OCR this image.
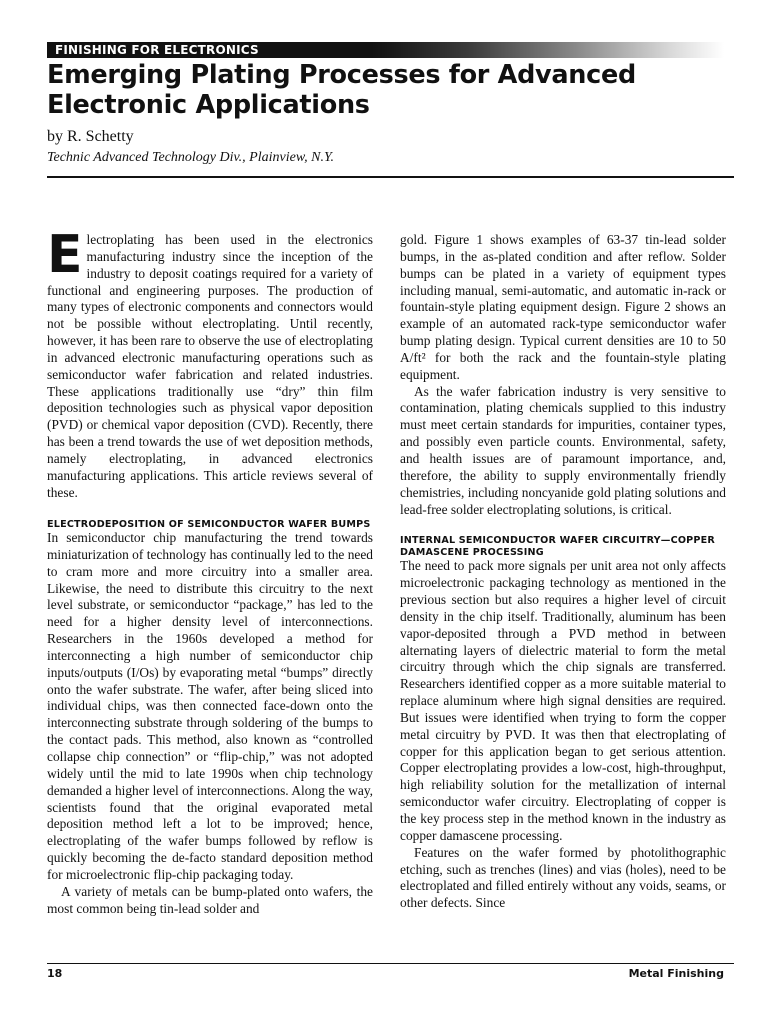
FINISHING FOR ELECTRONICS
Emerging Plating Processes for Advanced Electronic Applications
by R. Schetty
Technic Advanced Technology Div., Plainview, N.Y.

Electroplating has been used in the electronics manufacturing industry since the inception of the industry to deposit coatings required for a variety of functional and engineering purposes. The production of many types of electronic components and connectors would not be possible without electroplating. Until recently, however, it has been rare to observe the use of electroplating in advanced electronic manufacturing operations such as semiconductor wafer fabrication and related industries. These applications traditionally use “dry” thin film deposition technologies such as physical vapor deposition (PVD) or chemical vapor deposition (CVD). Recently, there has been a trend towards the use of wet deposition methods, namely electroplating, in advanced electronics manufacturing applications. This article reviews several of these.

ELECTRODEPOSITION OF SEMICONDUCTOR WAFER BUMPS

In semiconductor chip manufacturing the trend towards miniaturization of technology has continually led to the need to cram more and more circuitry into a smaller area. Likewise, the need to distribute this circuitry to the next level substrate, or semiconductor “package,” has led to the need for a higher density level of interconnections. Researchers in the 1960s developed a method for interconnecting a high number of semiconductor chip inputs/outputs (I/Os) by evaporating metal “bumps” directly onto the wafer substrate. The wafer, after being sliced into individual chips, was then connected face-down onto the interconnecting substrate through soldering of the bumps to the contact pads. This method, also known as “controlled collapse chip connection” or “flip-chip,” was not adopted widely until the mid to late 1990s when chip technology demanded a higher level of interconnections. Along the way, scientists found that the original evaporated metal deposition method left a lot to be improved; hence, electroplating of the wafer bumps followed by reflow is quickly becoming the de-facto standard deposition method for microelectronic flip-chip packaging today.

A variety of metals can be bump-plated onto wafers, the most common being tin-lead solder and

gold. Figure 1 shows examples of 63-37 tin-lead solder bumps, in the as-plated condition and after reflow. Solder bumps can be plated in a variety of equipment types including manual, semi-automatic, and automatic in-rack or fountain-style plating equipment design. Figure 2 shows an example of an automated rack-type semiconductor wafer bump plating design. Typical current densities are 10 to 50 A/ft² for both the rack and the fountain-style plating equipment.

As the wafer fabrication industry is very sensitive to contamination, plating chemicals supplied to this industry must meet certain standards for impurities, container types, and possibly even particle counts. Environmental, safety, and health issues are of paramount importance, and, therefore, the ability to supply environmentally friendly chemistries, including noncyanide gold plating solutions and lead-free solder electroplating solutions, is critical.

INTERNAL SEMICONDUCTOR WAFER CIRCUITRY—COPPER DAMASCENE PROCESSING

The need to pack more signals per unit area not only affects microelectronic packaging technology as mentioned in the previous section but also requires a higher level of circuit density in the chip itself. Traditionally, aluminum has been vapor-deposited through a PVD method in between alternating layers of dielectric material to form the metal circuitry through which the chip signals are transferred. Researchers identified copper as a more suitable material to replace aluminum where high signal densities are required. But issues were identified when trying to form the copper metal circuitry by PVD. It was then that electroplating of copper for this application began to get serious attention. Copper electroplating provides a low-cost, high-throughput, high reliability solution for the metallization of internal semiconductor wafer circuitry. Electroplating of copper is the key process step in the method known in the industry as copper damascene processing.

Features on the wafer formed by photolithographic etching, such as trenches (lines) and vias (holes), need to be electroplated and filled entirely without any voids, seams, or other defects. Since

18	Metal Finishing
